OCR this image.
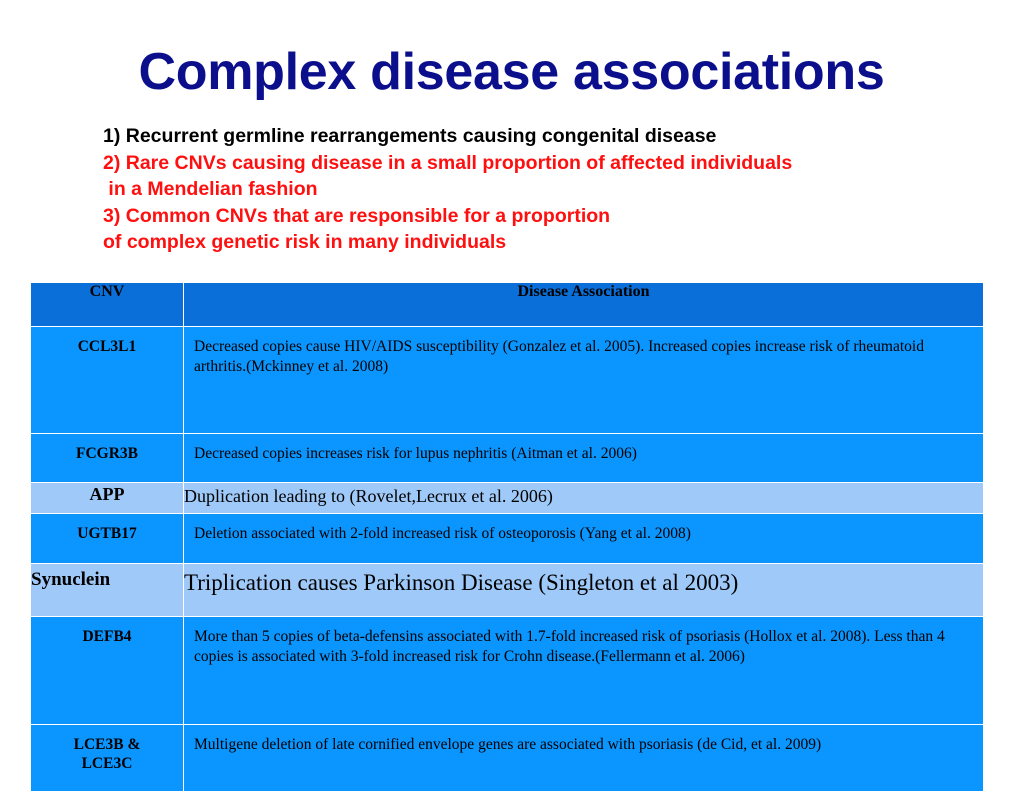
Complex disease associations
1) Recurrent germline rearrangements causing congenital disease
2) Rare CNVs causing disease in a small proportion of affected individuals
in a Mendelian fashion
3) Common CNVs that are responsible for a proportion
of complex genetic risk in many individuals
CNV	Disease Association
CCL3L1	Decreased copies cause HIV/AIDS susceptibility (Gonzalez et al. 2005). Increased copies increase risk of rheumatoid arthritis.(Mckinney et al. 2008)
FCGR3B	Decreased copies increases risk for lupus nephritis (Aitman et al. 2006)
APP	Duplication leading to (Rovelet,Lecrux et al. 2006)
UGTB17	Deletion associated with 2-fold increased risk of osteoporosis (Yang et al. 2008)
Synuclein	Triplication causes Parkinson Disease (Singleton et al 2003)
DEFB4	More than 5 copies of beta-defensins associated with 1.7-fold increased risk of psoriasis (Hollox et al. 2008). Less than 4 copies is associated with 3-fold increased risk for Crohn disease.(Fellermann et al. 2006)
LCE3B &
LCE3C	Multigene deletion of late cornified envelope genes are associated with psoriasis (de Cid, et al. 2009)
